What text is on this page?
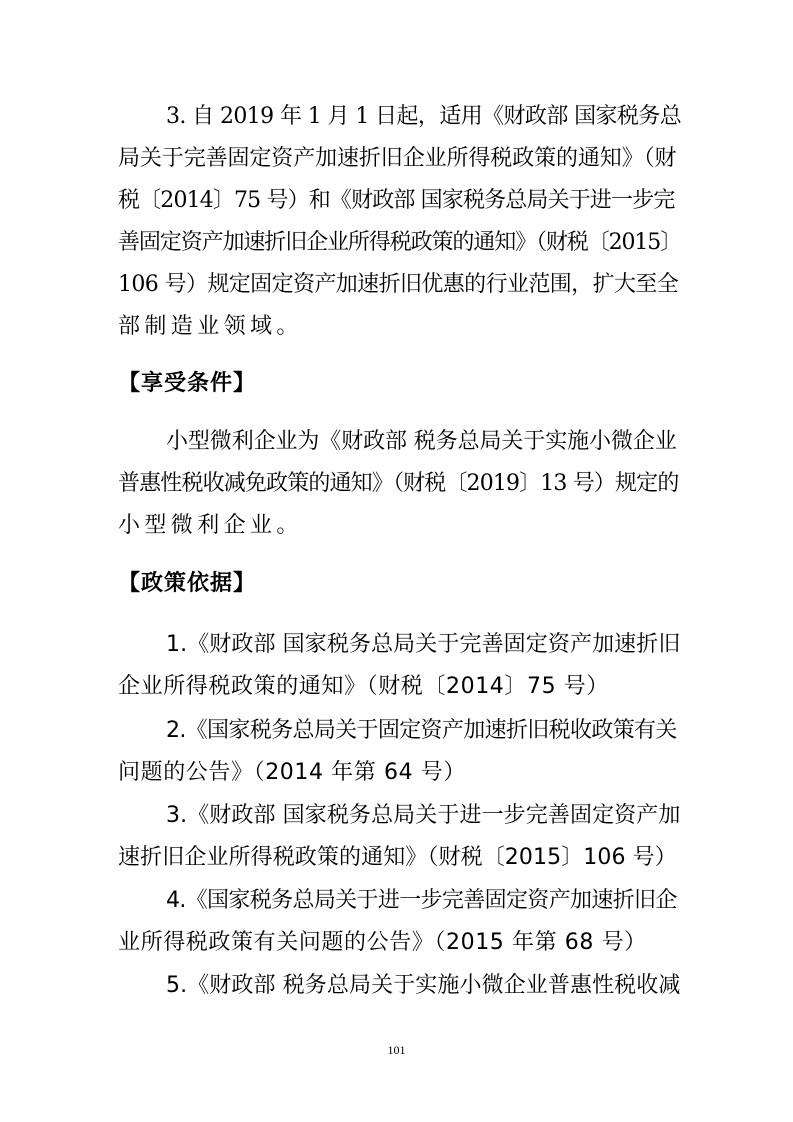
3. 自 2019 年 1 月 1 日起，适用《财政部 国家税务总
局关于完善固定资产加速折旧企业所得税政策的通知》（财
税〔2014〕75 号）和《财政部 国家税务总局关于进一步完
善固定资产加速折旧企业所得税政策的通知》（财税〔2015〕
106 号）规定固定资产加速折旧优惠的行业范围，扩大至全
部制造业领域。
【享受条件】
小型微利企业为《财政部 税务总局关于实施小微企业
普惠性税收减免政策的通知》（财税〔2019〕13 号）规定的
小型微利企业。
【政策依据】
1.《财政部 国家税务总局关于完善固定资产加速折旧
企业所得税政策的通知》（财税〔2014〕75 号）
2.《国家税务总局关于固定资产加速折旧税收政策有关
问题的公告》（2014 年第 64 号）
3.《财政部 国家税务总局关于进一步完善固定资产加
速折旧企业所得税政策的通知》（财税〔2015〕106 号）
4.《国家税务总局关于进一步完善固定资产加速折旧企
业所得税政策有关问题的公告》（2015 年第 68 号）
5.《财政部 税务总局关于实施小微企业普惠性税收减
101
